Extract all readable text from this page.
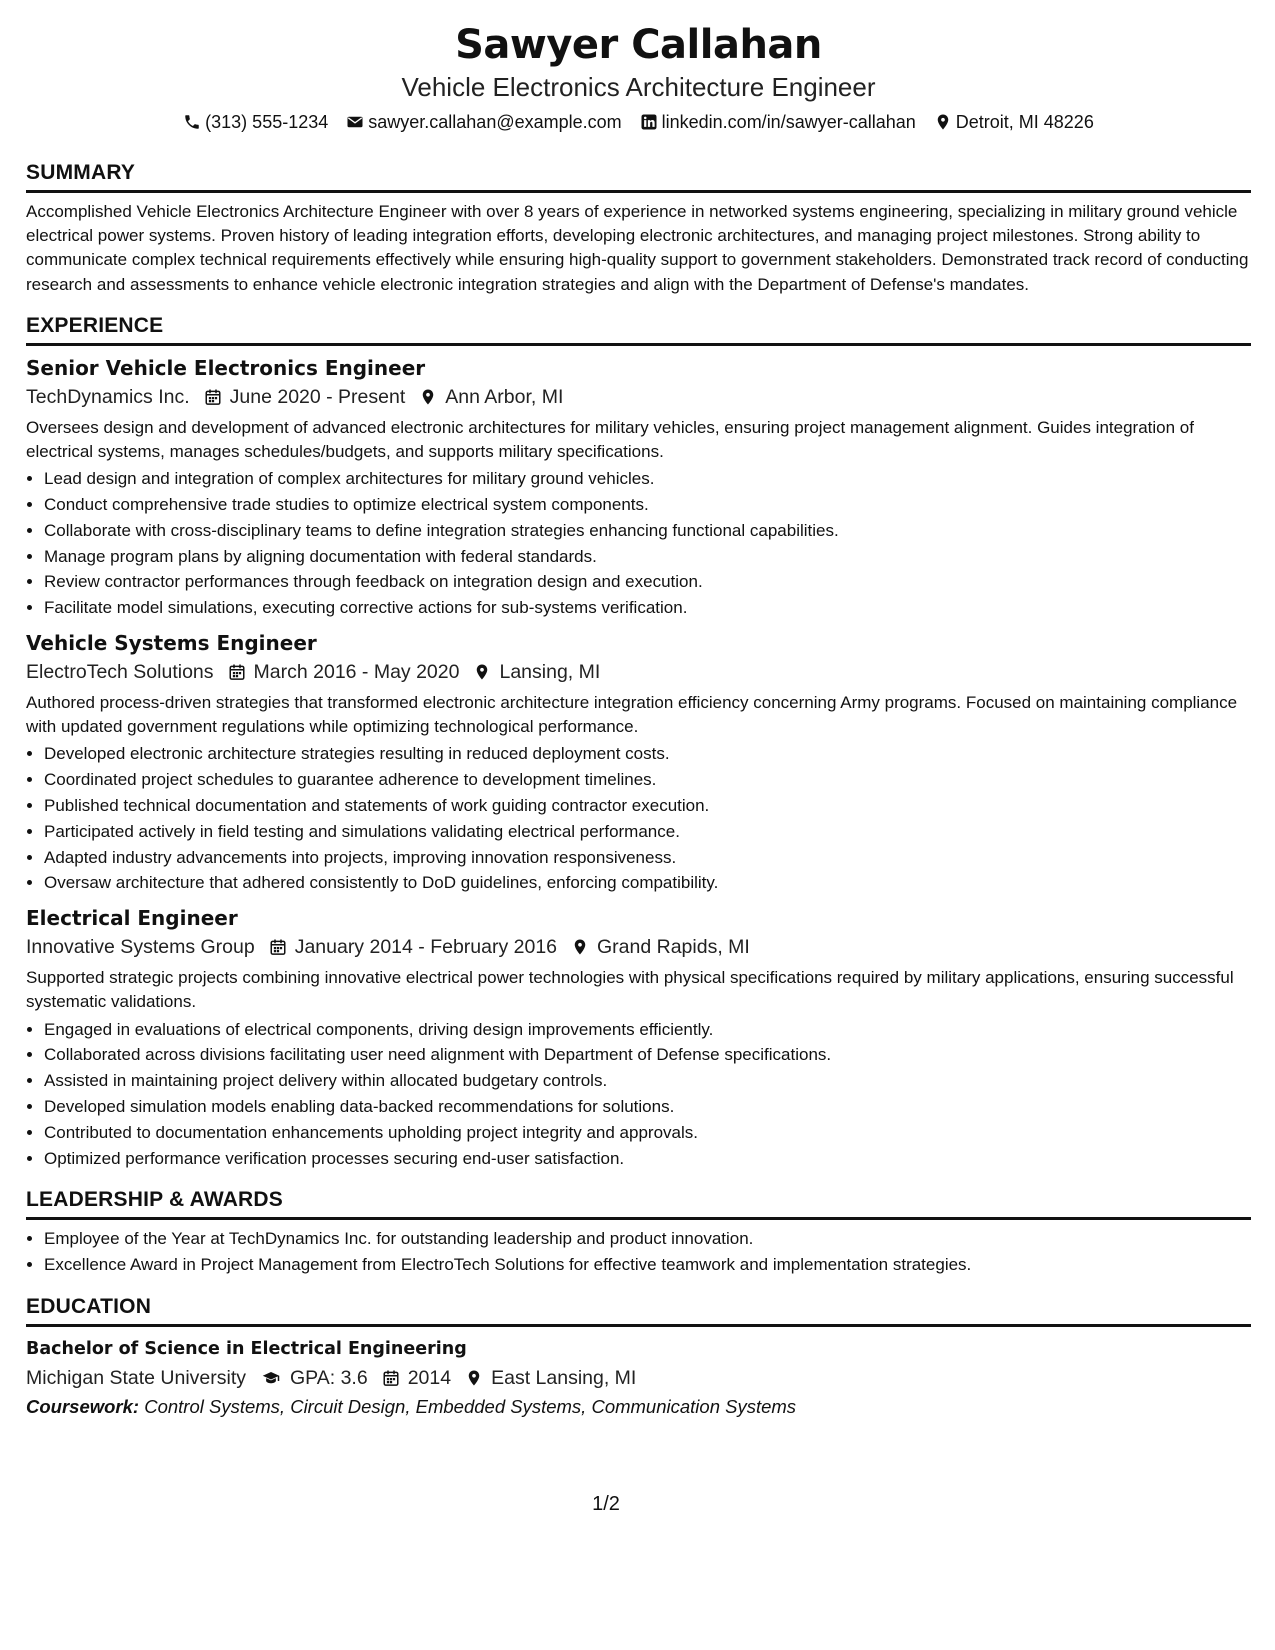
Sawyer Callahan
Vehicle Electronics Architecture Engineer
(313) 555-1234 sawyer.callahan@example.com linkedin.com/in/sawyer-callahan Detroit, MI 48226
SUMMARY
Accomplished Vehicle Electronics Architecture Engineer with over 8 years of experience in networked systems engineering, specializing in military ground vehicle electrical power systems. Proven history of leading integration efforts, developing electronic architectures, and managing project milestones. Strong ability to communicate complex technical requirements effectively while ensuring high-quality support to government stakeholders. Demonstrated track record of conducting research and assessments to enhance vehicle electronic integration strategies and align with the Department of Defense's mandates.
EXPERIENCE
Senior Vehicle Electronics Engineer
TechDynamics Inc. June 2020 - Present Ann Arbor, MI
Oversees design and development of advanced electronic architectures for military vehicles, ensuring project management alignment. Guides integration of electrical systems, manages schedules/budgets, and supports military specifications.
• Lead design and integration of complex architectures for military ground vehicles.
• Conduct comprehensive trade studies to optimize electrical system components.
• Collaborate with cross-disciplinary teams to define integration strategies enhancing functional capabilities.
• Manage program plans by aligning documentation with federal standards.
• Review contractor performances through feedback on integration design and execution.
• Facilitate model simulations, executing corrective actions for sub-systems verification.
Vehicle Systems Engineer
ElectroTech Solutions March 2016 - May 2020 Lansing, MI
Authored process-driven strategies that transformed electronic architecture integration efficiency concerning Army programs. Focused on maintaining compliance with updated government regulations while optimizing technological performance.
• Developed electronic architecture strategies resulting in reduced deployment costs.
• Coordinated project schedules to guarantee adherence to development timelines.
• Published technical documentation and statements of work guiding contractor execution.
• Participated actively in field testing and simulations validating electrical performance.
• Adapted industry advancements into projects, improving innovation responsiveness.
• Oversaw architecture that adhered consistently to DoD guidelines, enforcing compatibility.
Electrical Engineer
Innovative Systems Group January 2014 - February 2016 Grand Rapids, MI
Supported strategic projects combining innovative electrical power technologies with physical specifications required by military applications, ensuring successful systematic validations.
• Engaged in evaluations of electrical components, driving design improvements efficiently.
• Collaborated across divisions facilitating user need alignment with Department of Defense specifications.
• Assisted in maintaining project delivery within allocated budgetary controls.
• Developed simulation models enabling data-backed recommendations for solutions.
• Contributed to documentation enhancements upholding project integrity and approvals.
• Optimized performance verification processes securing end-user satisfaction.
LEADERSHIP & AWARDS
• Employee of the Year at TechDynamics Inc. for outstanding leadership and product innovation.
• Excellence Award in Project Management from ElectroTech Solutions for effective teamwork and implementation strategies.
EDUCATION
Bachelor of Science in Electrical Engineering
Michigan State University GPA: 3.6 2014 East Lansing, MI
Coursework: Control Systems, Circuit Design, Embedded Systems, Communication Systems
1/2
